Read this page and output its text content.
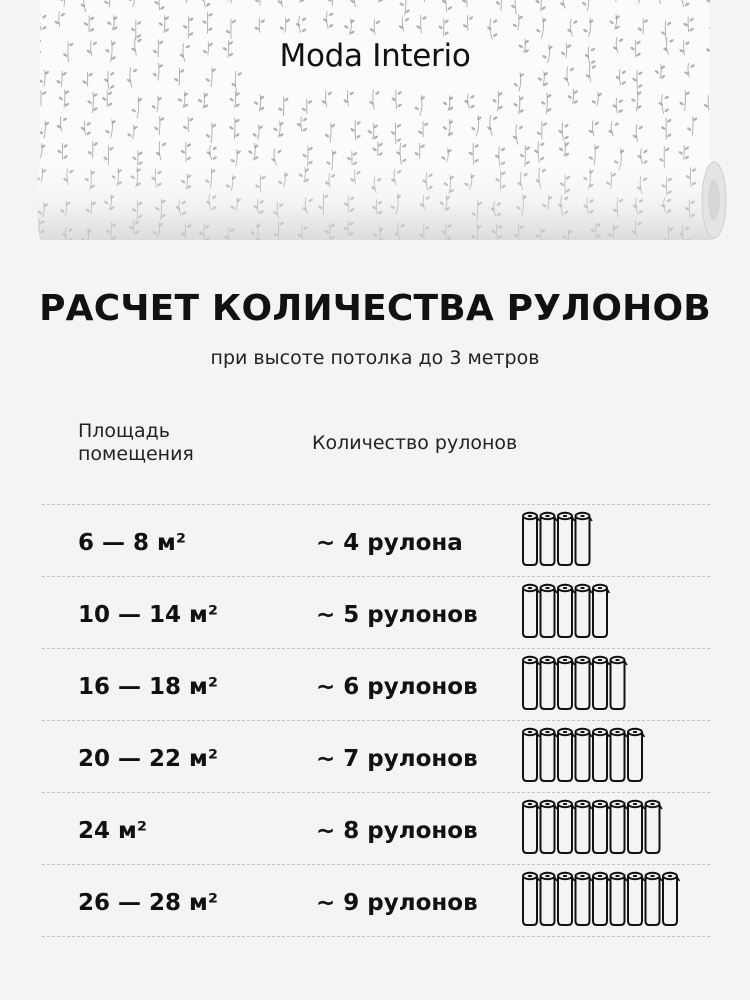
Moda Interio
РАСЧЕТ КОЛИЧЕСТВА РУЛОНОВ
при высоте потолка до 3 метров
Площадь
помещения	Количество рулонов
6 — 8 м²	~ 4 рулона
10 — 14 м²	~ 5 рулонов
16 — 18 м²	~ 6 рулонов
20 — 22 м²	~ 7 рулонов
24 м²	~ 8 рулонов
26 — 28 м²	~ 9 рулонов
